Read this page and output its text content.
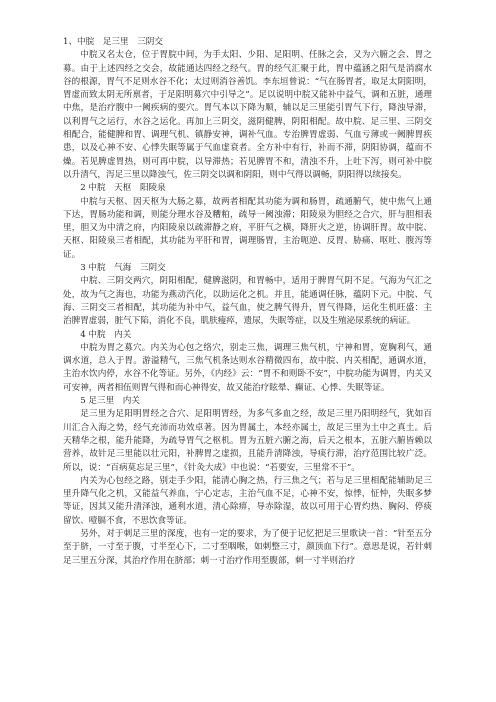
1、中脘　足三里　三阴交

中脘又名太仓，位于胃脘中间，为手太阳、少阳、足阳明、任脉之会，又为六腑之会、胃之募。由于上述四经之交会，故能通达四经之经气。胃的经气汇聚于此，胃中蕴涵之阳气是消腐水谷的根源，胃气不足则水谷不化；太过则消谷善饥。李东垣曾说：“气在肠胃者，取足太阴阳明，胃虚而致太阴无所禀者，于足阳明募穴中引导之”。足以说明中脘又能补中益气，调和五脏，通理中焦，是治疗腹中一阙疾病的要穴。胃气本以下降为顺，辅以足三里能引胃气下行，降浊导滞，以利胃气之运行，水谷之运化。再加上三阴交，滋阴健脾，阴阳相配。故中脘、足三里、三阴交相配合，能健脾和胃、调理气机、镇静安神，调补气血。专治脾胃虚弱、气血亏薄或一阙脾胃疾患，以及心神不安、心悸失眠等属于气血虚衰者。全方补中有行，补而不滞，阴阳协调，蕴而不燥。若见脾虚胃热，则可再中脘，以导滞热；若见脾胃不和，清浊不升，上吐下泻，则可补中脘以升清气，泻足三里以降浊气，佐三阴交以调和阴阳，则中气得以调畅，阴阳得以续接矣。

2 中脘　天枢　阳陵泉

中脘与天枢、因天枢为大肠之募，故两者相配其功能为调和肠胃，疏通腑气，使中焦气上通下达，胃肠功能和调，则能分理水谷及糟粕，疏导一阙浊滞；阳陵泉为胆经之合穴，肝与胆相表里，胆又为中清之府，内阳陵泉以疏滞静之府，平肝气之横，降肝火之逆，协调肝胃。故中脘、天枢、阳陵泉三者相配，其功能为平肝和胃，调理肠胃，主治呃逆、反胃、胁痛、呕吐、腹泻等证。

3 中脘　气海　三阴交

中脘、三阴交两穴，阴阳相配，健脾滋阴，和胃畅中，适用于脾胃气阴不足。气海为气汇之处，故为气之海也，功能为燕动汽化，以助运化之机。并且，能通调任脉，蕴阴下元。中脘、气海、三阴交三者相配，其功能为补中气，益气血，使之脾气得升，胃气得降，运化生机旺盛：主治脾胃虚弱，脏气下陷，消化不良，肌肤瘦瘁，遗尿，失眠等症，以及生殖泌尿系统的病证。

4 中脘　内关

中脘为胃之募穴。内关为心包之络穴，别走三焦，调理三焦气机，宁神和胃，宽胸利气，通调水道，总入于胃。游溢精气，三焦气机条达则水谷精微四布，故中脘、内关相配，通调水道，主治水饮内停，水谷不化等证。另外，《内经》云：“胃不和则卧不安”，中脘功能为调胃，内关又可安神，两者相伍则胃气得和而心神得安，故又能治疗眩晕、癫证、心悸、失眠等证。

5 足三里　内关

足三里为足阳明胃经之合穴、足阳明胃经，为多气多血之经，故足三里乃阳明经气，犹如百川汇合入海之势，经气充沛而功效卓著。因为胃属土，本经亦属土，故足三里为土中之真土。后天精华之根，能升能降，为疏导胃气之枢机。胃为五脏六腑之海，后天之根本，五脏六腑皆赖以营养，故针足三里能以壮元阳，补脾胃之虚损，且能升清降浊，导痰行滞，治疗范围比较广泛。所以，说：“百病莫忘足三里”，《针灸大成》中也说：“若要安，三里常不干”。

内关为心包经之路，别走手少阳，能清心胸之热，行三焦之气；若与足三里相配能辅助足三里升降气化之机，又能益气养血，宁心定志，主治气血不足，心神不安，惊悸，怔忡，失眠多梦等证，因其又能升清泽浊，通利水道，清心除痹，导赤除湿，故以可用于心胃灼热、胸闷、停痰留饮、噎膈不食，不思饮食等证。

另外，对于刺足三里的深度，也有一定的要求，为了便于记忆把足三里歌诀一首：“针至五分至于脐，一寸至于腹，寸半至心下，二寸至咽喉，如刺整三寸，颜顶血下行”。意思是说，若针刺足三里五分深，其治疗作用在脐部；刺一寸治疗作用至腹部，刺一寸半则治疗
